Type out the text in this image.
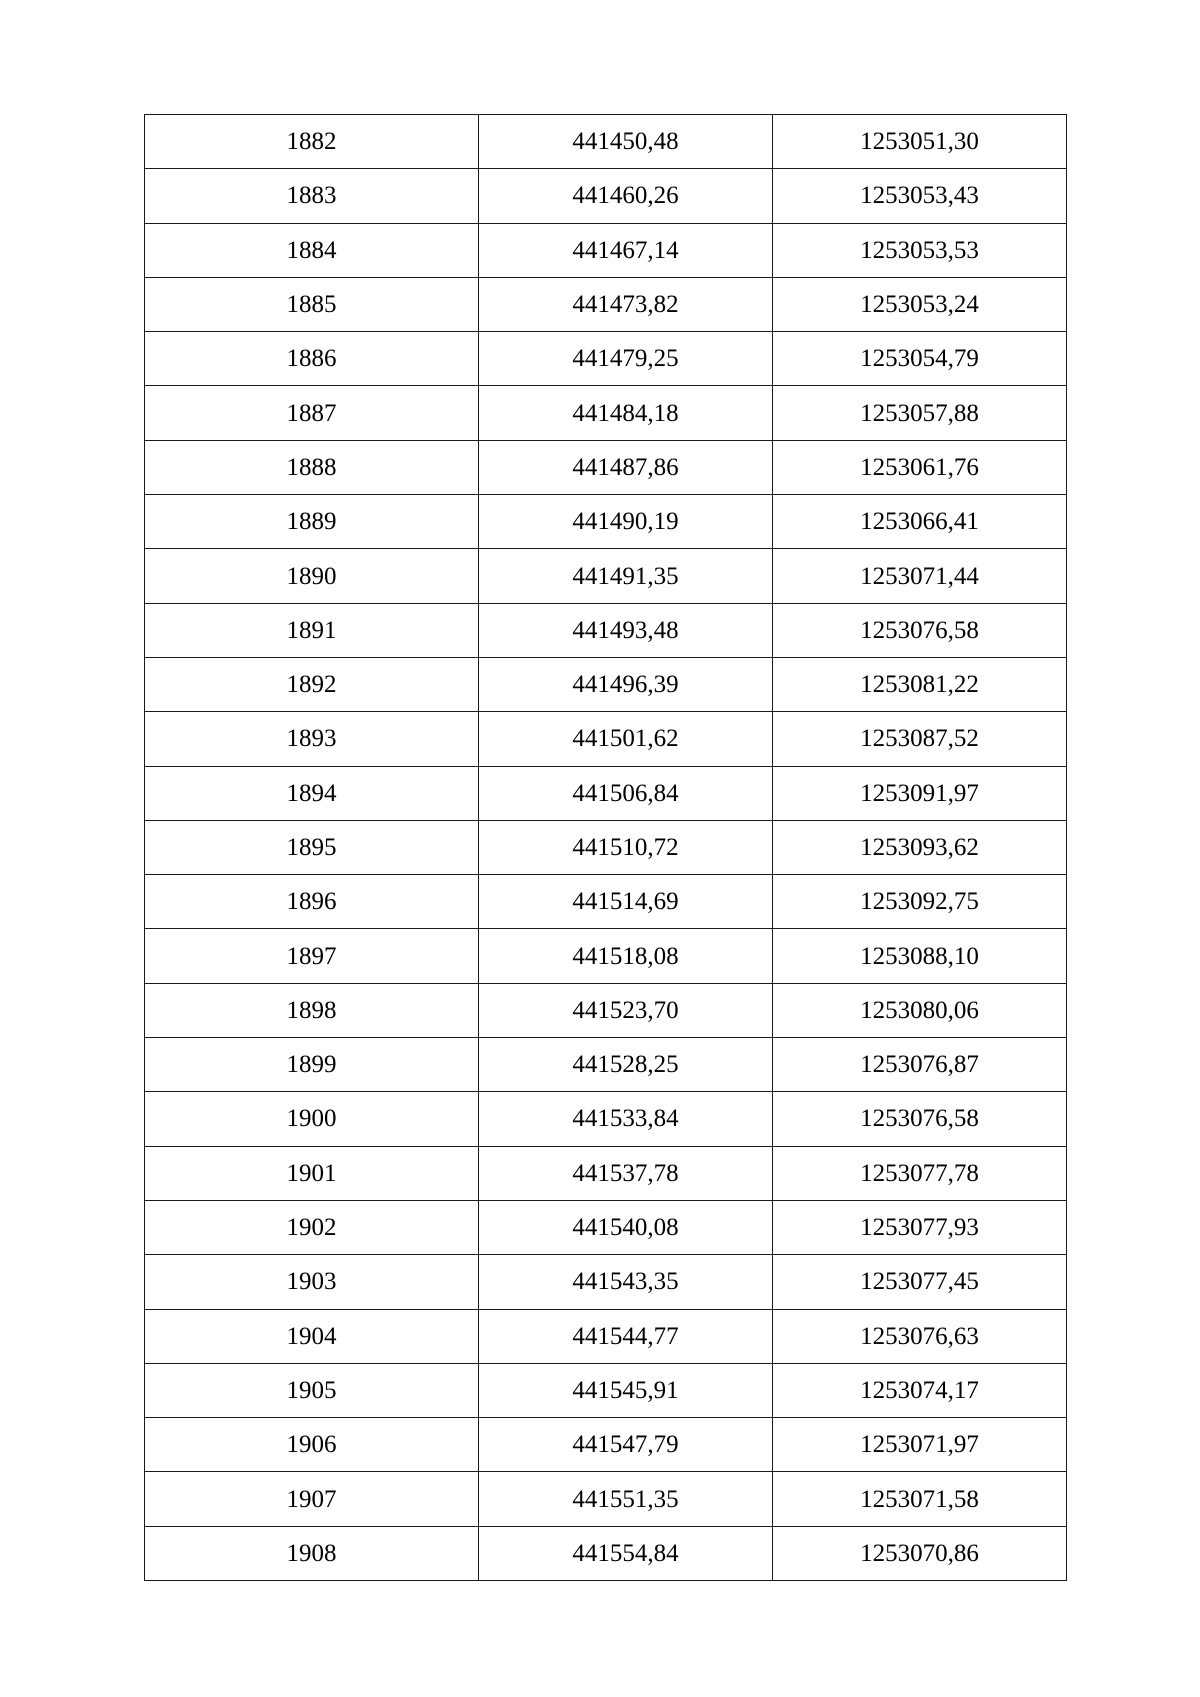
1882	441450,48	1253051,30
1883	441460,26	1253053,43
1884	441467,14	1253053,53
1885	441473,82	1253053,24
1886	441479,25	1253054,79
1887	441484,18	1253057,88
1888	441487,86	1253061,76
1889	441490,19	1253066,41
1890	441491,35	1253071,44
1891	441493,48	1253076,58
1892	441496,39	1253081,22
1893	441501,62	1253087,52
1894	441506,84	1253091,97
1895	441510,72	1253093,62
1896	441514,69	1253092,75
1897	441518,08	1253088,10
1898	441523,70	1253080,06
1899	441528,25	1253076,87
1900	441533,84	1253076,58
1901	441537,78	1253077,78
1902	441540,08	1253077,93
1903	441543,35	1253077,45
1904	441544,77	1253076,63
1905	441545,91	1253074,17
1906	441547,79	1253071,97
1907	441551,35	1253071,58
1908	441554,84	1253070,86
